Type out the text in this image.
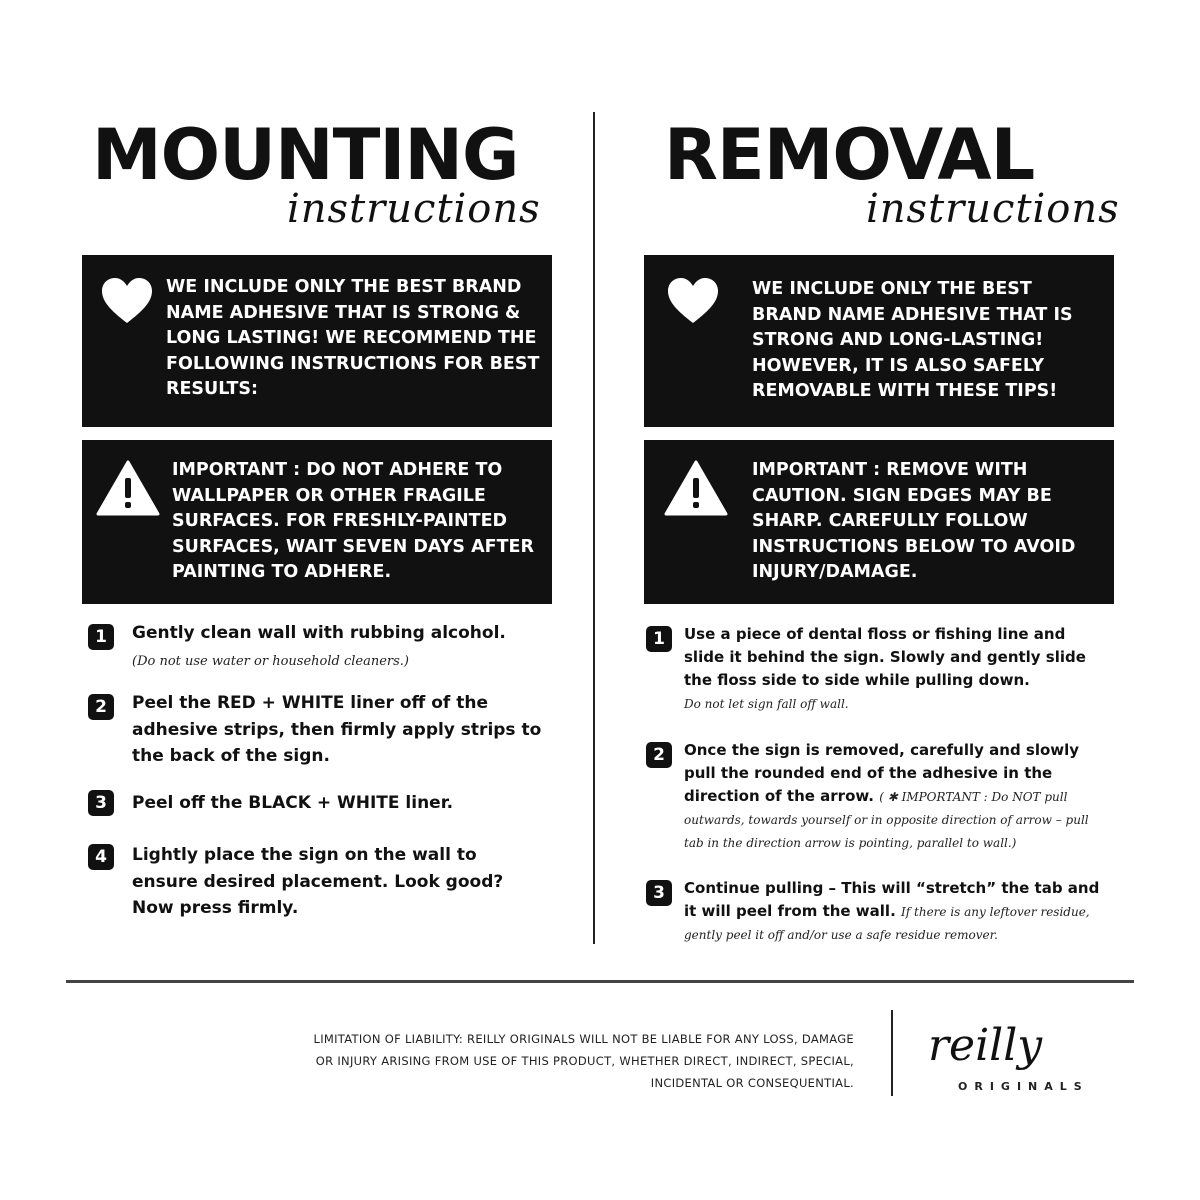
MOUNTING
instructions
WE INCLUDE ONLY THE BEST BRAND NAME ADHESIVE THAT IS STRONG & LONG LASTING! WE RECOMMEND THE FOLLOWING INSTRUCTIONS FOR BEST RESULTS:
IMPORTANT : DO NOT ADHERE TO WALLPAPER OR OTHER FRAGILE SURFACES. FOR FRESHLY-PAINTED SURFACES, WAIT SEVEN DAYS AFTER PAINTING TO ADHERE.
1	Gently clean wall with rubbing alcohol.
(Do not use water or household cleaners.)
2	Peel the RED + WHITE liner off of the adhesive strips, then firmly apply strips to the back of the sign.
3	Peel off the BLACK + WHITE liner.
4	Lightly place the sign on the wall to ensure desired placement. Look good? Now press firmly.
REMOVAL
instructions
WE INCLUDE ONLY THE BEST BRAND NAME ADHESIVE THAT IS STRONG AND LONG-LASTING! HOWEVER, IT IS ALSO SAFELY REMOVABLE WITH THESE TIPS!
IMPORTANT : REMOVE WITH CAUTION. SIGN EDGES MAY BE SHARP. CAREFULLY FOLLOW INSTRUCTIONS BELOW TO AVOID INJURY/DAMAGE.
1	Use a piece of dental floss or fishing line and slide it behind the sign. Slowly and gently slide the floss side to side while pulling down.
Do not let sign fall off wall.
2	Once the sign is removed, carefully and slowly pull the rounded end of the adhesive in the direction of the arrow. ( ✱ IMPORTANT : Do NOT pull outwards, towards yourself or in opposite direction of arrow – pull tab in the direction arrow is pointing, parallel to wall.)
3	Continue pulling – This will “stretch” the tab and it will peel from the wall. If there is any leftover residue, gently peel it off and/or use a safe residue remover.
LIMITATION OF LIABILITY: REILLY ORIGINALS WILL NOT BE LIABLE FOR ANY LOSS, DAMAGE OR INJURY ARISING FROM USE OF THIS PRODUCT, WHETHER DIRECT, INDIRECT, SPECIAL, INCIDENTAL OR CONSEQUENTIAL.
reilly
ORIGINALS
